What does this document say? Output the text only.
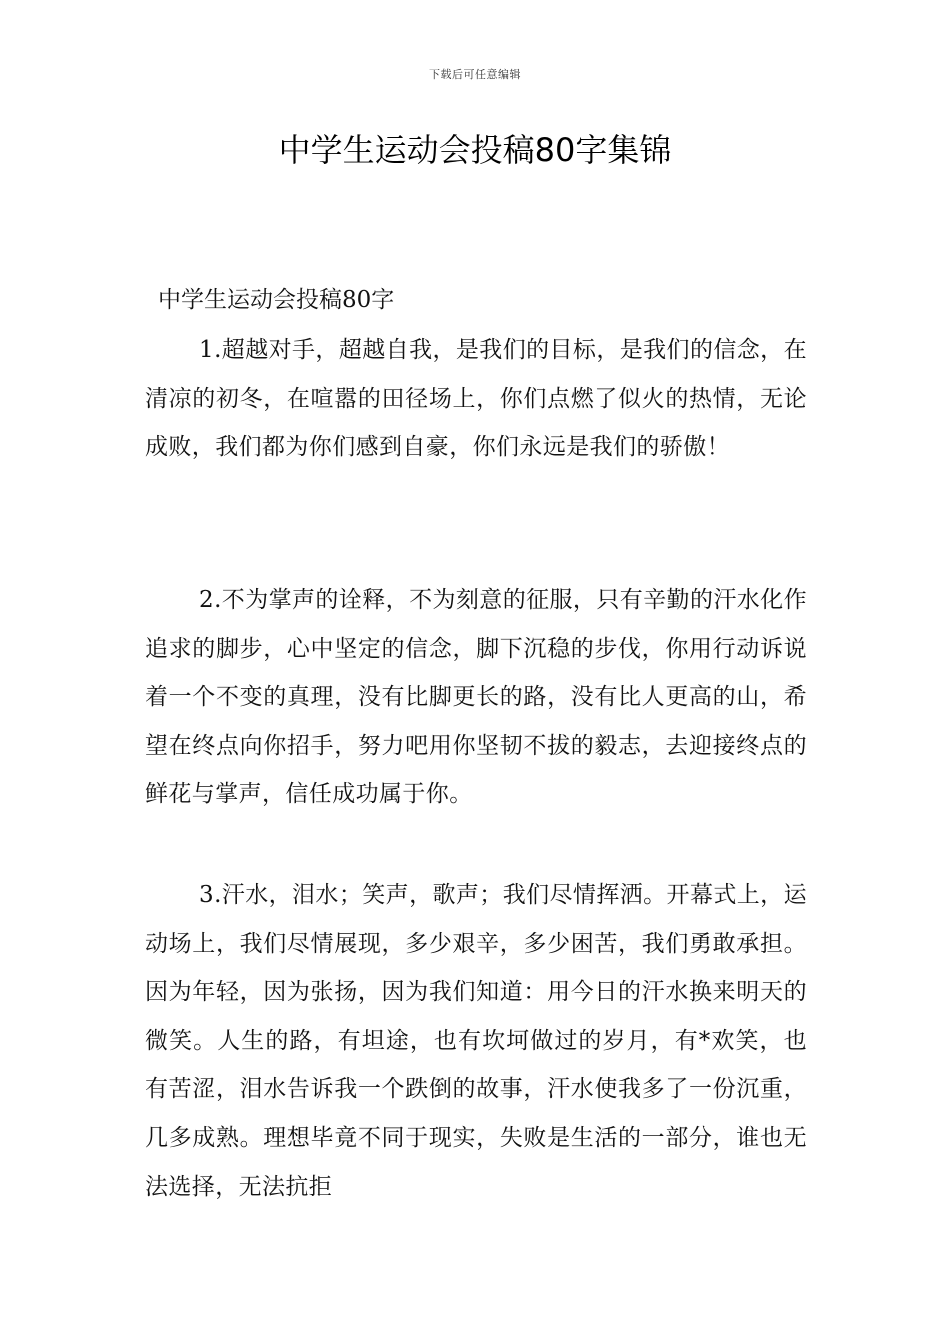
下载后可任意编辑
中学生运动会投稿80字集锦

中学生运动会投稿80字

1.超越对手，超越自我，是我们的目标，是我们的信念，在清凉的初冬，在喧嚣的田径场上，你们点燃了似火的热情，无论成败，我们都为你们感到自豪，你们永远是我们的骄傲！

2.不为掌声的诠释，不为刻意的征服，只有辛勤的汗水化作追求的脚步，心中坚定的信念，脚下沉稳的步伐，你用行动诉说着一个不变的真理，没有比脚更长的路，没有比人更高的山，希望在终点向你招手，努力吧用你坚韧不拔的毅志，去迎接终点的鲜花与掌声，信任成功属于你。

3.汗水，泪水；笑声，歌声；我们尽情挥洒。开幕式上，运动场上，我们尽情展现，多少艰辛，多少困苦，我们勇敢承担。因为年轻，因为张扬，因为我们知道：用今日的汗水换来明天的微笑。人生的路，有坦途，也有坎坷做过的岁月，有*欢笑，也有苦涩，泪水告诉我一个跌倒的故事，汗水使我多了一份沉重，几多成熟。理想毕竟不同于现实，失败是生活的一部分，谁也无法选择，无法抗拒
